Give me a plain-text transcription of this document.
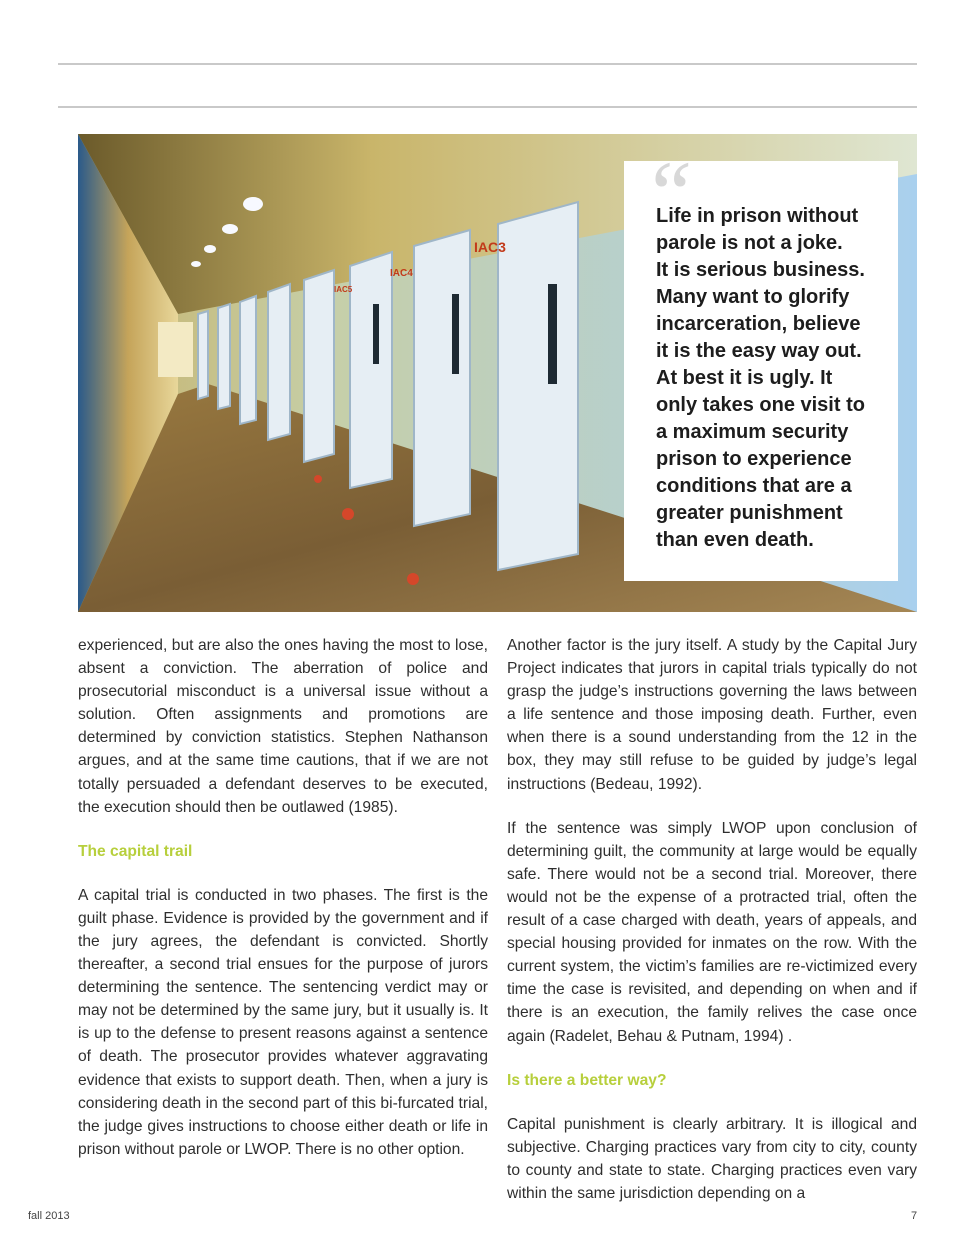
IAC3
IAC4
IAC5
“
Life in prison without
parole is not a joke.
It is serious business.
Many want to glorify
incarceration, believe
it is the easy way out.
At best it is ugly. It
only takes one visit to
a maximum security
prison to experience
conditions that are a
greater punishment
than even death.

experienced, but are also the ones having the most to lose, absent a conviction. The aberration of police and prosecutorial misconduct is a universal issue without a solution. Often assignments and promotions are determined by conviction statistics. Stephen Nathanson argues, and at the same time cautions, that if we are not totally persuaded a defendant deserves to be executed, the execution should then be outlawed (1985).

The capital trail

A capital trial is conducted in two phases. The first is the guilt phase. Evidence is provided by the government and if the jury agrees, the defendant is convicted. Shortly thereafter, a second trial ensues for the purpose of jurors determining the sentence. The sentencing verdict may or may not be determined by the same jury, but it usually is. It is up to the defense to present reasons against a sentence of death. The prosecutor provides whatever aggravating evidence that exists to support death. Then, when a jury is considering death in the second part of this bi-furcated trial, the judge gives instructions to choose either death or life in prison without parole or LWOP. There is no other option.

Another factor is the jury itself. A study by the Capital Jury Project indicates that jurors in capital trials typically do not grasp the judge’s instructions governing the laws between a life sentence and those imposing death. Further, even when there is a sound understanding from the 12 in the box, they may still refuse to be guided by judge’s legal instructions (Bedeau, 1992).

If the sentence was simply LWOP upon conclusion of determining guilt, the community at large would be equally safe. There would not be a second trial. Moreover, there would not be the expense of a protracted trial, often the result of a case charged with death, years of appeals, and special housing provided for inmates on the row. With the current system, the victim’s families are re-victimized every time the case is revisited, and depending on when and if there is an execution, the family relives the case once again (Radelet, Behau & Putnam, 1994) .

Is there a better way?

Capital punishment is clearly arbitrary. It is illogical and subjective. Charging practices vary from city to city, county to county and state to state. Charging practices even vary within the same jurisdiction depending on a

fall 2013	7
